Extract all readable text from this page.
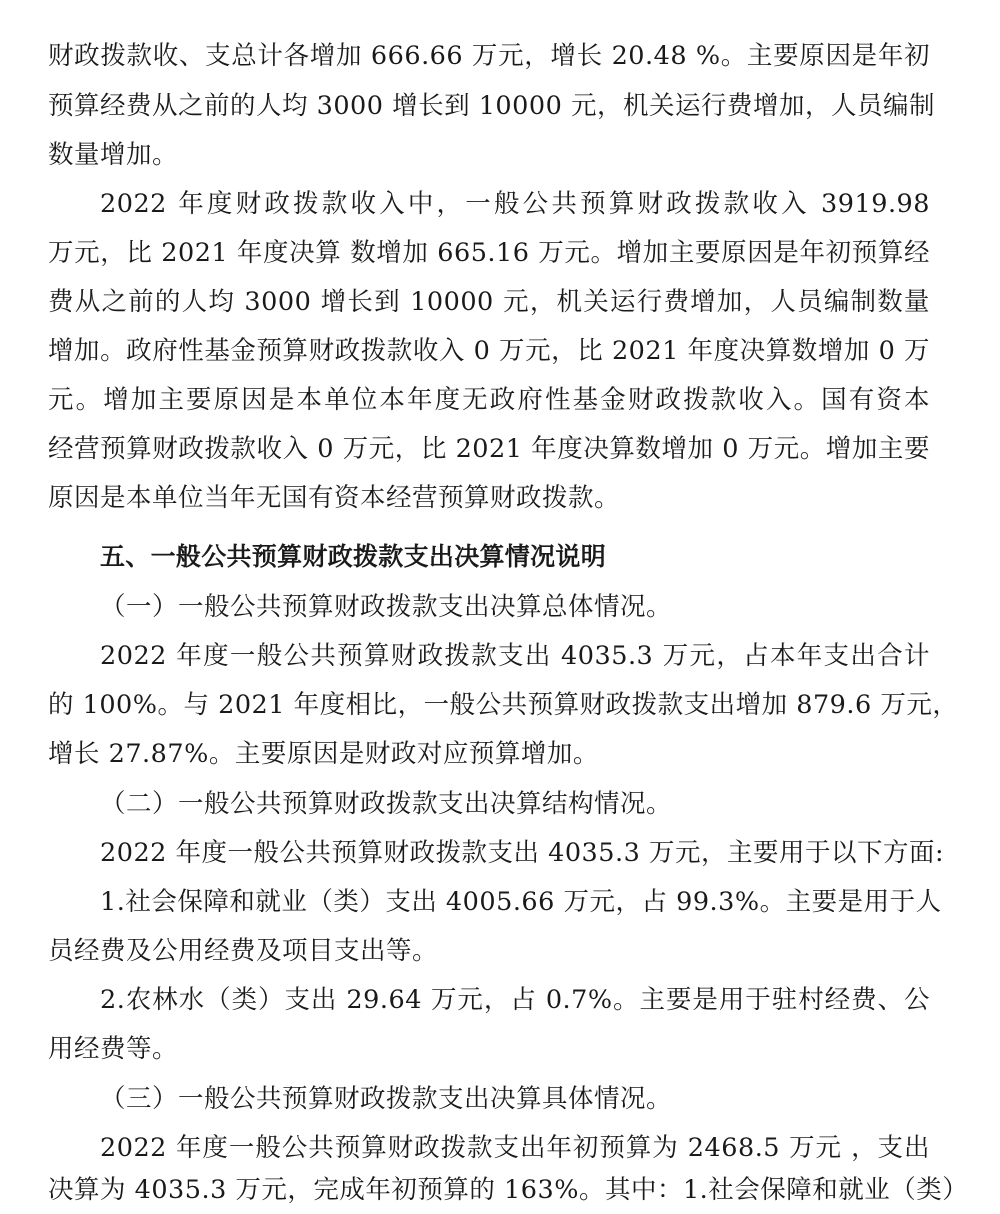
财政拨款收、支总计各增加 666.66 万元，增长 20.48 %。主要原因是年初
预算经费从之前的人均 3000 增长到 10000 元，机关运行费增加，人员编制
数量增加。
2022 年度财政拨款收入中，一般公共预算财政拨款收入 3919.98
万元，比 2021 年度决算 数增加 665.16 万元。增加主要原因是年初预算经
费从之前的人均 3000 增长到 10000 元，机关运行费增加，人员编制数量
增加。政府性基金预算财政拨款收入 0 万元，比 2021 年度决算数增加 0 万
元。增加主要原因是本单位本年度无政府性基金财政拨款收入。国有资本
经营预算财政拨款收入 0 万元，比 2021 年度决算数增加 0 万元。增加主要
原因是本单位当年无国有资本经营预算财政拨款。
五、一般公共预算财政拨款支出决算情况说明
（一）一般公共预算财政拨款支出决算总体情况。
2022 年度一般公共预算财政拨款支出 4035.3 万元，占本年支出合计
的 100%。与 2021 年度相比，一般公共预算财政拨款支出增加 879.6 万元，
增长 27.87%。主要原因是财政对应预算增加。
（二）一般公共预算财政拨款支出决算结构情况。
2022 年度一般公共预算财政拨款支出 4035.3 万元，主要用于以下方面:
1.社会保障和就业（类）支出 4005.66 万元，占 99.3%。主要是用于人
员经费及公用经费及项目支出等。
2.农林水（类）支出 29.64 万元，占 0.7%。主要是用于驻村经费、公
用经费等。
（三）一般公共预算财政拨款支出决算具体情况。
2022 年度一般公共预算财政拨款支出年初预算为 2468.5 万元 ，支出
决算为 4035.3 万元，完成年初预算的 163%。其中：1.社会保障和就业（类）
